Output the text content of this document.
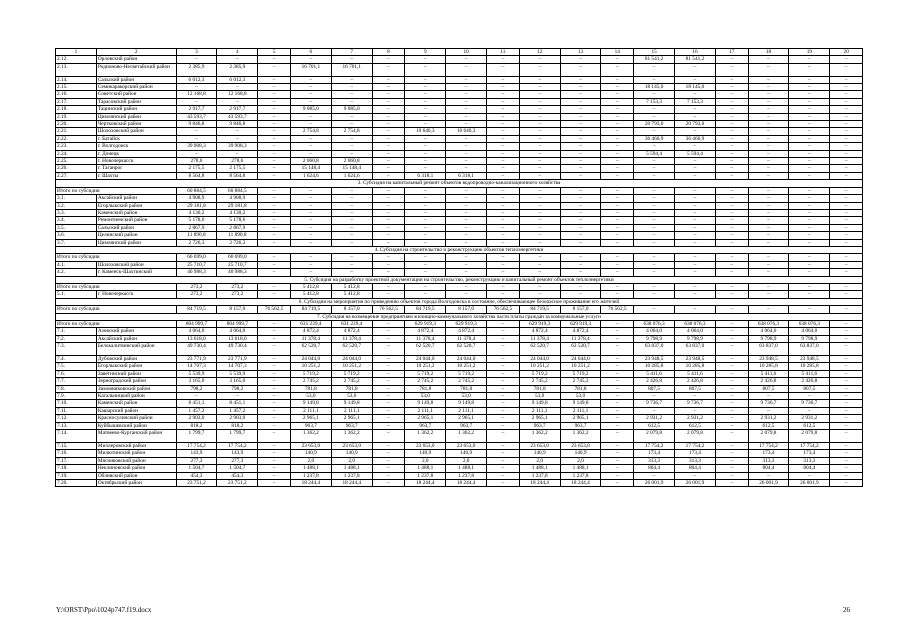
1	2	3	4	5	6	7	8	9	10	11	12	13	14	15	16	17	18	19	20
2.12.	Орловский район	–	–	–	–	–	–	–	–	–	–	–	–	81 541,2	81 541,2	–	–	–	–
2.13.	Родионово-Несветайский район	2 385,9	2 385,9	–	16 701,1	16 701,1	–	–	–	–	–	–	–	–	–	–	–	–	–
2.14.	Сальский район	6 012,3	6 012,3	–	–	–	–	–	–	–	–	–	–	–	–	–	–	–	–
2.15.	Семикаракорский район	–	–	–	–	–	–	–	–	–	–	–	–	18 145,0	18 145,0	–	–	–	–
2.16.	Советский район	12 168,8	12 168,8	–	–	–	–	–	–	–	–	–	–	–	–	–	–	–	–
2.17.	Тарасовский район	–	–	–	–	–	–	–	–	–	–	–	–	7 153,3	7 153,3	–	–	–	–
2.18.	Тацинский район	2 917,7	2 917,7	–	9 085,0	9 085,0	–	–	–	–	–	–	–	–	–	–	–	–	–
2.19.	Цимлянский район	43 593,7	43 593,7	–	–	–	–	–	–	–	–	–	–	–	–	–	–	–	–
2.20.	Чертковский район	9 846,8	9 846,8	–	–	–	–	–	–	–	–	–	–	20 793,0	20 793,0	–	–	–	–
2.21.	Шолоховский район	–	–	–	2 754,8	2 754,8	–	10 640,3	10 640,3	–	–	–	–	–	–	–	–	–	–
2.22.	г. Батайск	–	–	–	–	–	–	–	–	–	–	–	–	36 466,9	36 466,9	–	–	–	–
2.23.	г. Волгодонск	39 908,3	39 908,3	–	–	–	–	–	–	–	–	–	–	–	–	–	–	–	–
2.24.	г. Донецк	–	–	–	–	–	–	–	–	–	–	–	–	5 594,4	5 594,4	–	–	–	–
2.25.	г. Новочеркасск	278,6	278,6	–	2 060,8	2 060,8	–	–	–	–	–	–	–	–	–	–	–	–	–
2.26.	г. Таганрог	2 175,5	2 175,5	–	15 148,4	15 148,4	–	–	–	–	–	–	–	–	–	–	–	–	–
2.27.	г. Шахты	8 564,8	8 564,8	–	1 624,6	1 624,6	–	6 318,1	6 318,1	–	–	–	–	–	–	–	–	–	–
3. Субсидия на капитальный ремонт объектов водопроводно-канализационного хозяйства																			
Итого по субсидии		60 884,5	60 884,5	–	–	–	–	–	–	–	–	–	–	–	–	–	–	–	–
3.1.	Аксайский район	4 908,9	4 908,9	–	–	–	–	–	–	–	–	–	–	–	–	–	–	–	–
3.2.	Егорлыкский район	29 181,8	29 181,8	–	–	–	–	–	–	–	–	–	–	–	–	–	–	–	–
3.3.	Каменский район	4 130,2	4 130,2	–	–	–	–	–	–	–	–	–	–	–	–	–	–	–	–
3.4.	Ремонтненский район	5 178,6	5 178,6	–	–	–	–	–	–	–	–	–	–	–	–	–	–	–	–
3.5.	Сальский район	2 867,9	2 867,9	–	–	–	–	–	–	–	–	–	–	–	–	–	–	–	–
3.6.	Целинский район	11 890,8	11 890,8	–	–	–	–	–	–	–	–	–	–	–	–	–	–	–	–
3.7.	Цимлянский район	2 726,3	2 726,3	–	–	–	–	–	–	–	–	–	–	–	–	–	–	–	–
4. Субсидия на строительство и реконструкцию объектов теплоэнергетики																			
Итого по субсидии		66 699,0	66 699,0	–	–	–	–	–	–	–	–	–	–	–	–	–	–	–	–
4.1.	Шолоховский район	25 710,7	25 710,7	–	–	–	–	–	–	–	–	–	–	–	–	–	–	–	–
4.2.	г. Каменск-Шахтинский	40 988,3	40 988,3	–	–	–	–	–	–	–	–	–	–	–	–	–	–	–	–
5. Субсидия на разработку проектной документации на строительство, реконструкцию и капитальный ремонт объектов теплоэнергетики																			
Итого по субсидии		273,2	273,2	–	5 412,8	5 412,8	–	–	–	–	–	–	–	–	–	–	–	–	–
5.1.	г. Новочеркасск	273,2	273,2	–	5 412,8	5 412,8	–	–	–	–	–	–	–	–	–	–	–	–	–
6. Субсидия на мероприятия по приведению объектов города Волгодонска в состояние, обеспечивающее безопасное проживание его жителей																			
Итого по субсидии		84 719,5	8 157,0	76 562,5	84 719,5	8 157,0	76 562,5	84 719,5	8 157,0	76 562,5	84 719,5	8 157,0	76 562,5	–	–	–	–	–	–
7. Субсидия на возмещение предприятиям жилищно-коммунального хозяйства части платы граждан за коммунальные услуги																			
Итого по субсидии		804 999,7	804 999,7	–	631 239,4	631 239,4	–	629 919,3	629 919,3	–	629 919,3	629 919,3	–	638 076,3	638 076,3	–	638 076,3	638 076,3	–
7.1.	Азовский район	4 064,0	4 064,0	–	4 872,4	4 872,4	–	4 872,4	4 872,4	–	4 872,4	4 872,4	–	4 064,0	4 064,0	–	4 064,0	4 064,0	–
7.2.	Аксайский район	13 618,0	13 618,0	–	11 378,4	11 378,4	–	11 378,4	11 378,4	–	11 378,4	11 378,4	–	9 798,9	9 798,9	–	9 798,9	9 798,9	–
7.3.	Белокалитвинский район	49 730,4	49 730,4	–	62 520,7	62 520,7	–	62 520,7	62 520,7	–	62 520,7	62 520,7	–	63 837,0	63 837,0	–	63 837,0	63 837,0	–
7.4.	Дубовский район	23 771,9	23 771,9	–	24 044,0	24 044,0	–	24 044,0	24 044,0	–	24 044,0	24 044,0	–	23 948,5	23 948,5	–	23 948,5	23 948,5	–
7.5.	Егорлыкский район	14 707,3	14 707,3	–	10 251,2	10 251,2	–	10 251,2	10 251,2	–	10 251,2	10 251,2	–	10 285,8	10 285,8	–	10 285,8	10 285,8	–
7.6.	Заветинский район	5 539,9	5 539,9	–	5 719,2	5 719,2	–	5 719,2	5 719,2	–	5 719,2	5 719,2	–	5 411,6	5 411,6	–	5 411,6	5 411,6	–
7.7.	Зерноградский район	3 165,0	3 165,0	–	2 745,2	2 745,2	–	2 745,2	2 745,2	–	2 745,2	2 745,2	–	2 426,8	2 426,8	–	2 426,8	2 426,8	–
7.8.	Зимовниковский район	798,2	798,2	–	781,8	781,8	–	781,8	781,8	–	781,8	781,8	–	807,5	807,5	–	807,5	807,5	–
7.9.	Кагальницкий район	–	–	–	53,0	53,0	–	53,0	53,0	–	53,0	53,0	–	–	–	–	–	–	–
7.10.	Каменский район	8 451,1	8 451,1	–	9 149,8	9 149,8	–	9 149,8	9 149,8	–	9 149,8	9 149,8	–	9 736,7	9 736,7	–	9 736,7	9 736,7	–
7.11.	Кашарский район	1 457,2	1 457,2	–	2 111,1	2 111,1	–	2 111,1	2 111,1	–	2 111,1	2 111,1	–	–	–	–	–	–	–
7.12.	Красносулинский район	2 903,0	2 903,0	–	2 965,1	2 965,1	–	2 965,1	2 965,1	–	2 965,1	2 965,1	–	2 931,2	2 931,2	–	2 931,2	2 931,2	–
7.13.	Куйбышевский район	818,2	818,2	–	963,7	963,7	–	963,7	963,7	–	963,7	963,7	–	612,5	612,5	–	612,5	612,5	–
7.14.	Матвеево-Курганский район	1 799,7	1 799,7	–	1 362,2	1 362,2	–	1 362,2	1 362,2	–	1 362,2	1 362,2	–	2 079,8	2 079,8	–	2 079,8	2 079,8	–
7.15.	Миллеровский район	17 754,2	17 754,2	–	23 653,0	23 653,0	–	23 653,0	23 653,0	–	23 653,0	23 653,0	–	17 754,2	17 754,2	–	17 754,2	17 754,2	–
7.16.	Милютинский район	143,9	143,9	–	140,9	140,9	–	140,9	140,9	–	140,9	140,9	–	173,4	173,4	–	173,4	173,4	–
7.17.	Мясниковский район	277,3	277,3	–	2,0	2,0	–	2,0	2,0	–	2,0	2,0	–	313,3	313,3	–	313,3	313,3	–
7.18.	Неклиновский район	1 504,7	1 504,7	–	1 488,1	1 488,1	–	1 488,1	1 488,1	–	1 488,1	1 488,1	–	804,4	804,4	–	804,4	804,4	–
7.19.	Обливский район	454,3	454,3	–	1 237,8	1 237,8	–	1 237,8	1 237,8	–	1 237,8	1 237,8	–	–	–	–	–	–	–
7.20.	Октябрьский район	23 751,2	23 751,2	–	18 244,4	18 244,4	–	18 244,4	18 244,4	–	18 244,4	18 244,4	–	26 001,9	26 001,9	–	26 001,9	26 001,9	–
Y:\ORST\Ppo\1024p747.f19.docx	26
